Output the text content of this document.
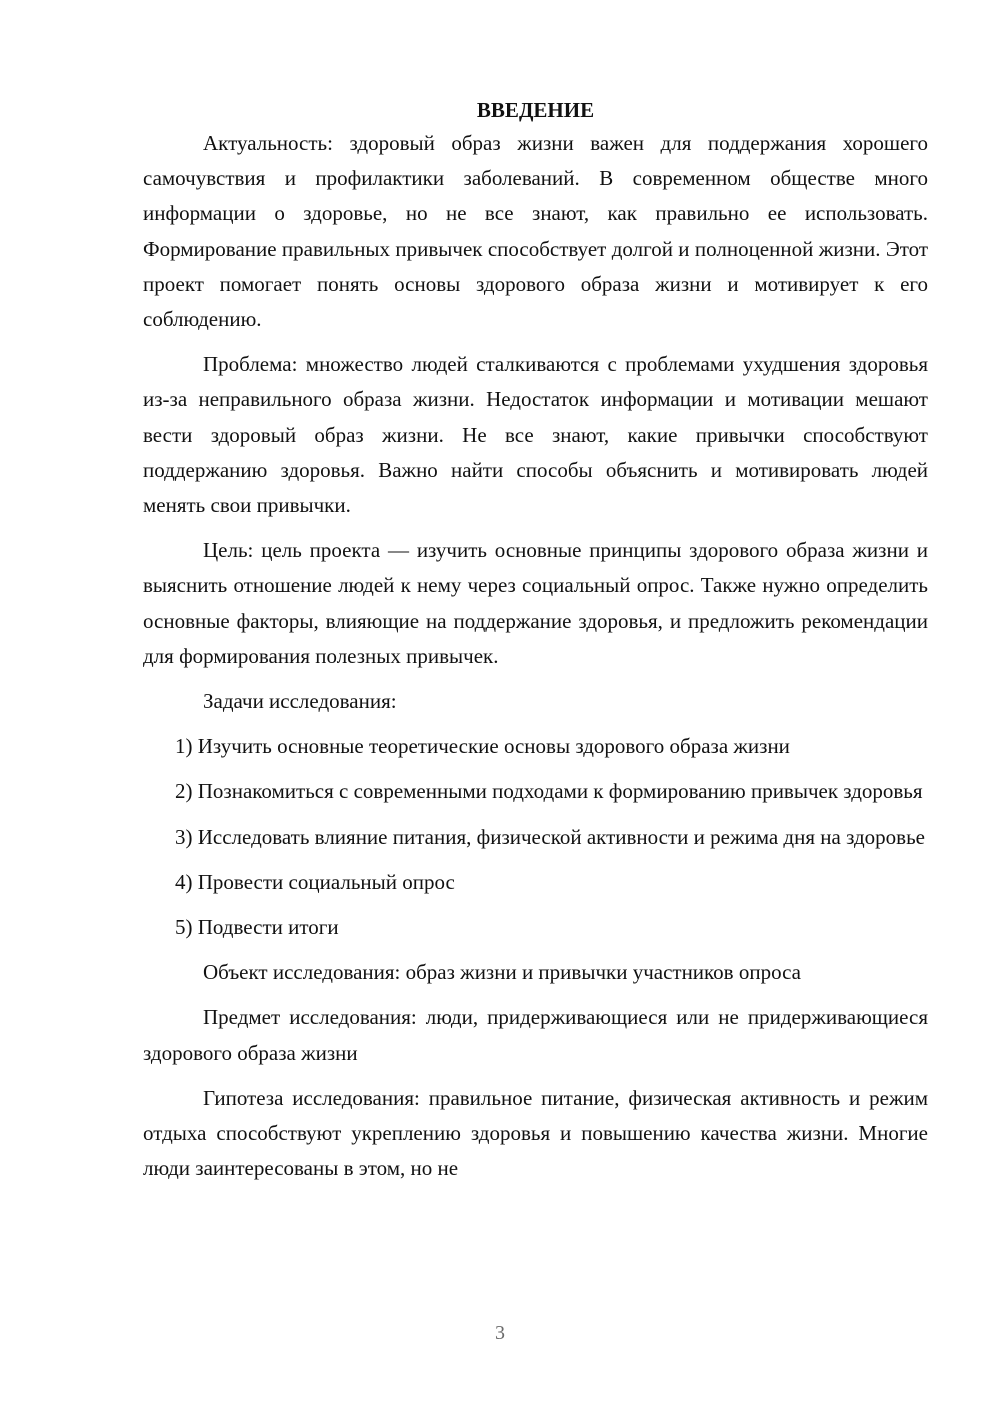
ВВЕДЕНИЕ

Актуальность: здоровый образ жизни важен для поддержания хорошего самочувствия и профилактики заболеваний. В современном обществе много информации о здоровье, но не все знают, как правильно ее использовать. Формирование правильных привычек способствует долгой и полноценной жизни. Этот проект помогает понять основы здорового образа жизни и мотивирует к его соблюдению.

Проблема: множество людей сталкиваются с проблемами ухудшения здоровья из-за неправильного образа жизни. Недостаток информации и мотивации мешают вести здоровый образ жизни. Не все знают, какие привычки способствуют поддержанию здоровья. Важно найти способы объяснить и мотивировать людей менять свои привычки.

Цель: цель проекта — изучить основные принципы здорового образа жизни и выяснить отношение людей к нему через социальный опрос. Также нужно определить основные факторы, влияющие на поддержание здоровья, и предложить рекомендации для формирования полезных привычек.

Задачи исследования:

1) Изучить основные теоретические основы здорового образа жизни

2) Познакомиться с современными подходами к формированию привычек здоровья

3) Исследовать влияние питания, физической активности и режима дня на здоровье

4) Провести социальный опрос

5) Подвести итоги

Объект исследования: образ жизни и привычки участников опроса

Предмет исследования: люди, придерживающиеся или не придерживающиеся здорового образа жизни

Гипотеза исследования: правильное питание, физическая активность и режим отдыха способствуют укреплению здоровья и повышению качества жизни. Многие люди заинтересованы в этом, но не

3
